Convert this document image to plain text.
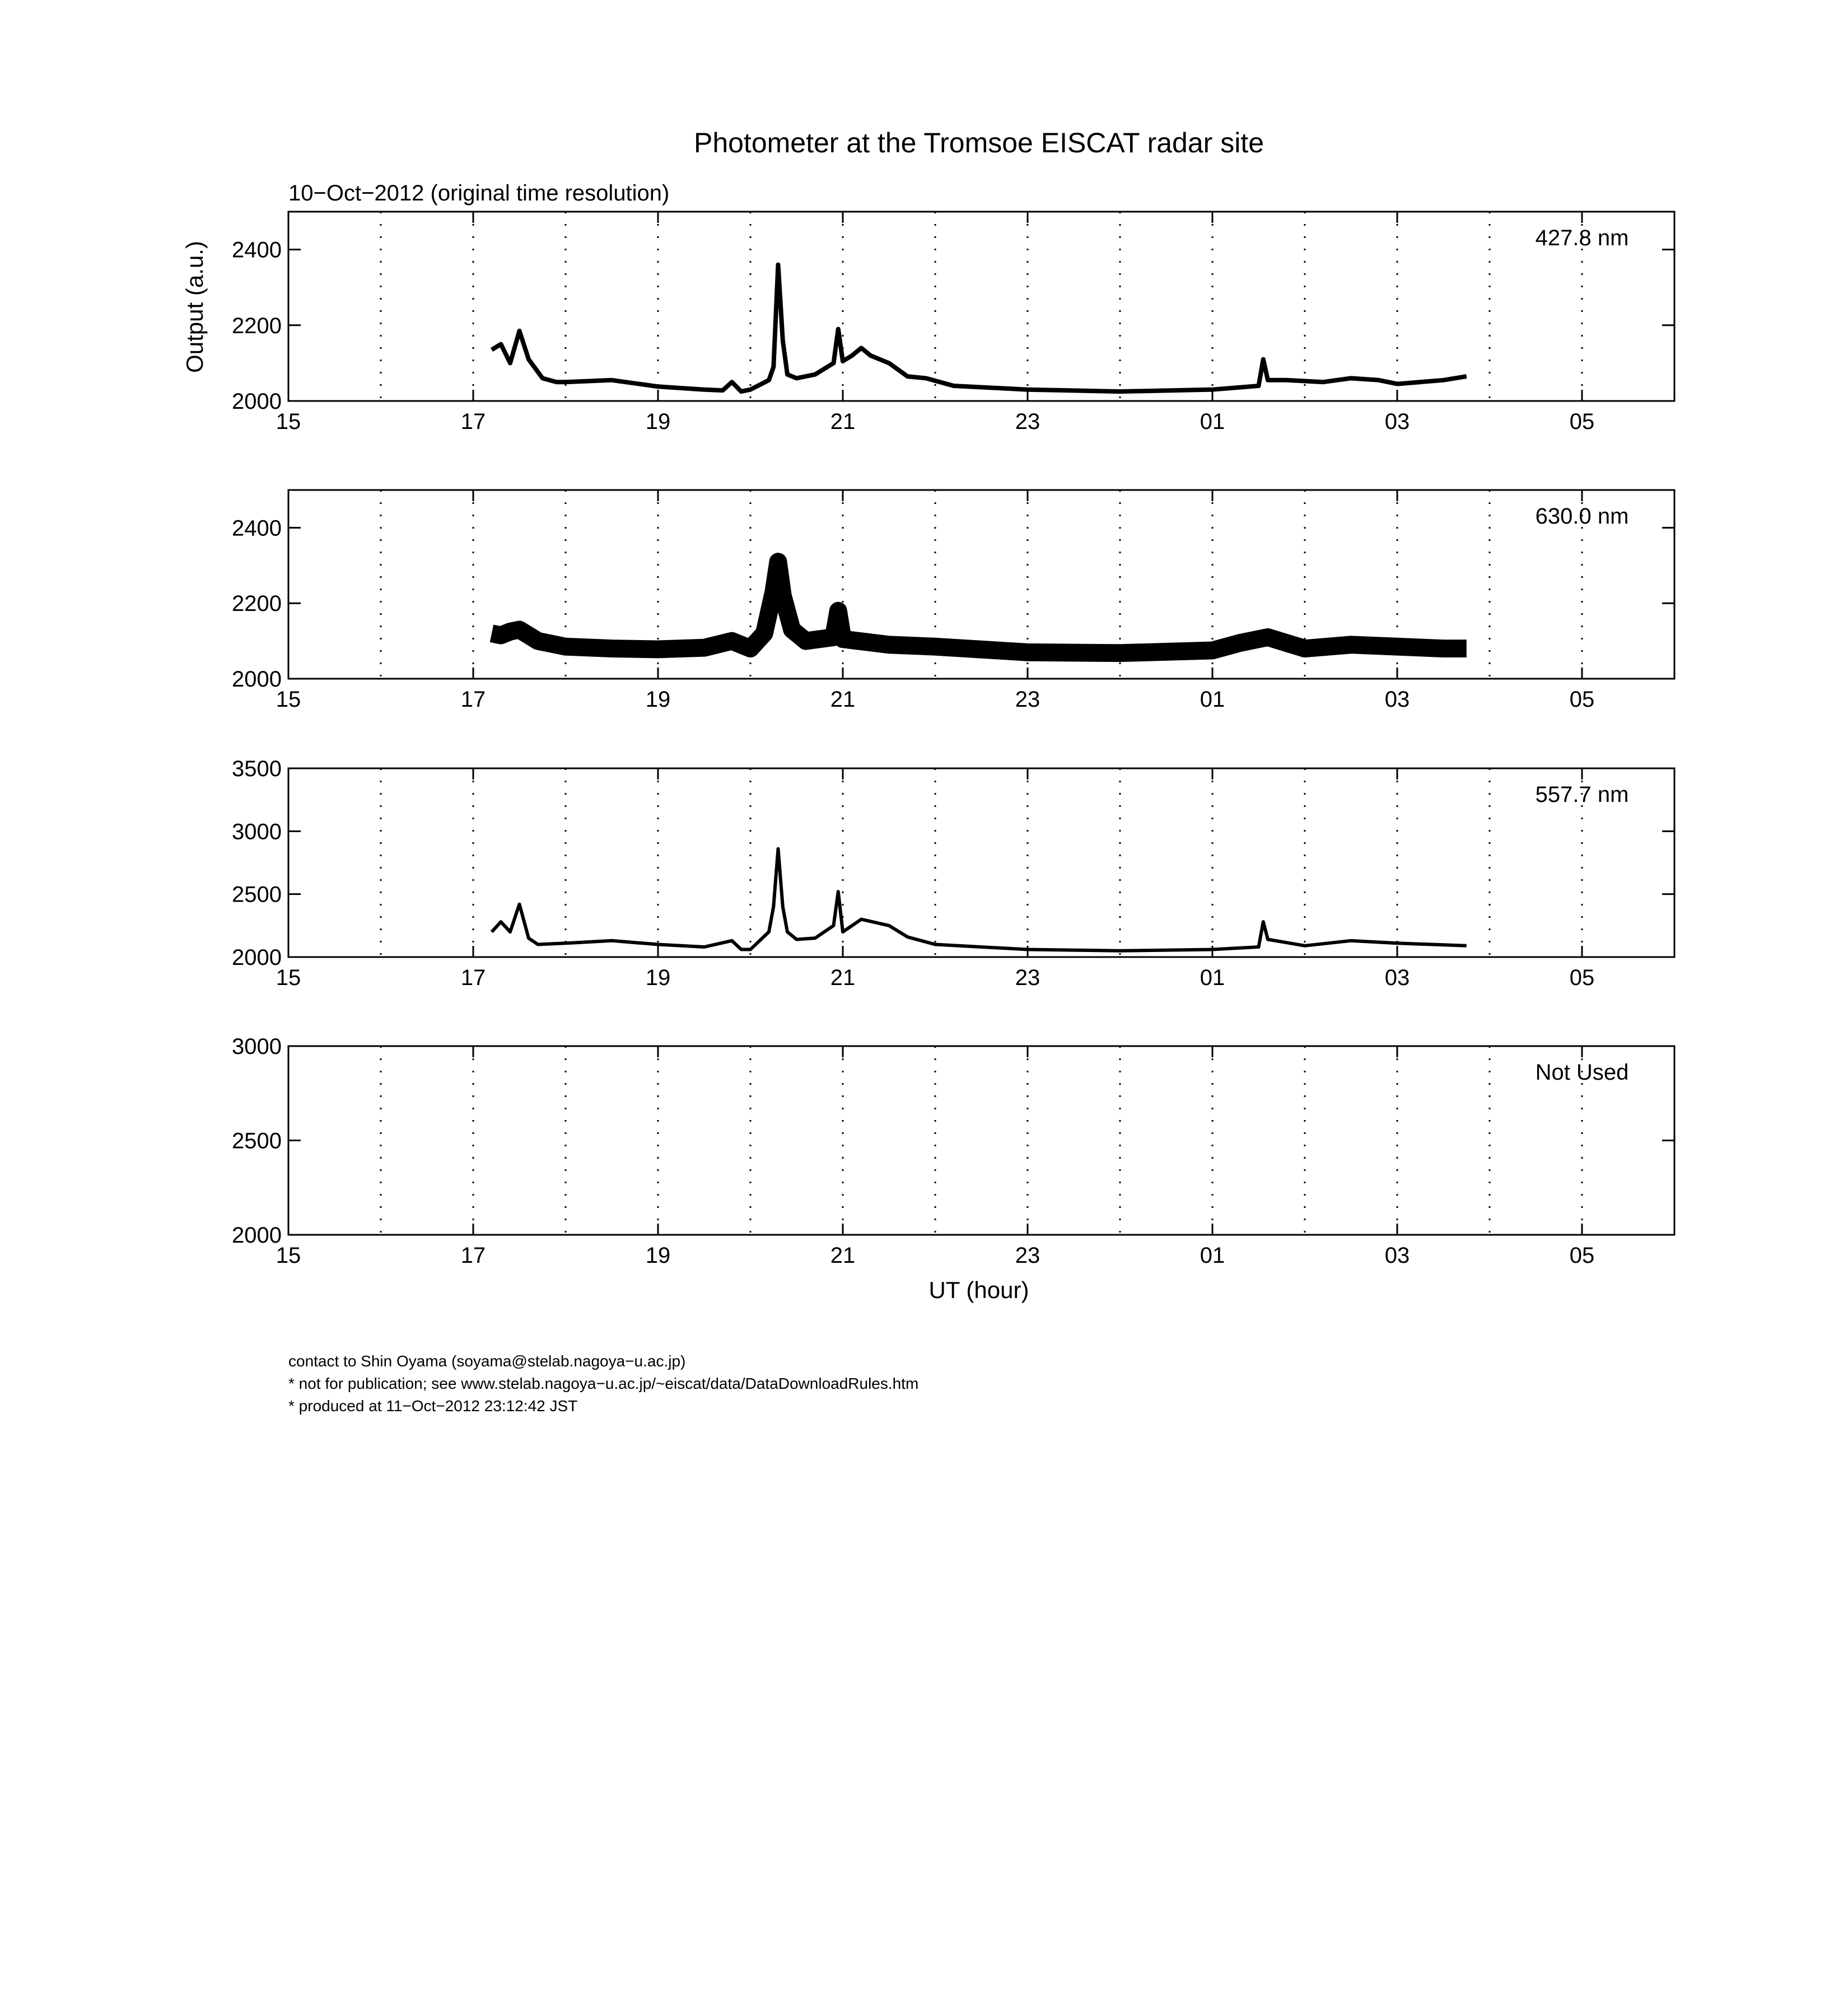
Photometer at the Tromsoe EISCAT radar site
10−Oct−2012 (original time resolution)
Output (a.u.)
15	17	19	21	23	01	03	05
2000
2200
2400	427.8 nm
15	17	19	21	23	01	03	05
2000
2200
2400	630.0 nm
15	17	19	21	23	01	03	05
2000
2500
3000
3500
557.7 nm
15	17	19	21	23	01	03	05
2000
2500
3000
Not Used
UT (hour)
contact to Shin Oyama (soyama@stelab.nagoya−u.ac.jp)
* not for publication; see www.stelab.nagoya−u.ac.jp/~eiscat/data/DataDownloadRules.htm
* produced at 11−Oct−2012 23:12:42 JST
